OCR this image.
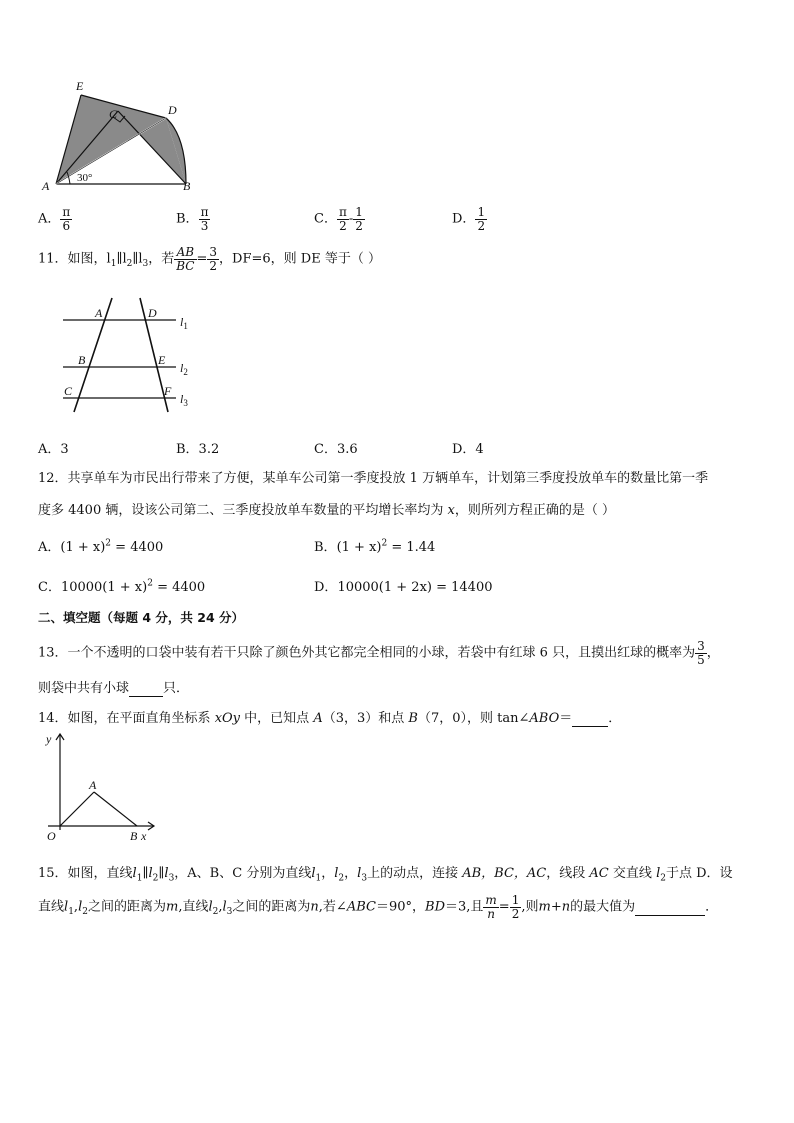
E
C	D
A	B
30°
A． $\frac{\pi}{6}$	B． $\frac{\pi}{3}$	C． $\frac{\pi}{2} - \frac{1}{2}$	D． $\frac{1}{2}$
11．如图，$l_1\parallel l_2\parallel l_3$，若 $\frac{AB}{BC} = \frac{3}{2}$ ，DF=6，则 DE 等于（ ）
A	D
B	E
C	F
$l_1$
$l_2$
$l_3$
A．3	B．3.2	C．3.6	D．4
12．共享单车为市民出行带来了方便，某单车公司第一季度投放 1 万辆单车，计划第三季度投放单车的数量比第一季
度多 4400 辆，设该公司第二、三季度投放单车数量的平均增长率均为 x，则所列方程正确的是（ ）
A．$(1 + x)^2 = 4400$	B．$(1 + x)^2 = 1.44$
C．$10000(1 + x)^2 = 4400$	D．10000(1 + 2x) = 14400
二、填空题（每题 4 分，共 24 分）
13．一个不透明的口袋中装有若干只除了颜色外其它都完全相同的小球，若袋中有红球 6 只，且摸出红球的概率为 $\frac{3}{5}$ ，
则袋中共有小球	只．
14．如图，在平面直角坐标系 xOy 中，已知点 A（3，3）和点 B（7，0），则 tan∠ABO＝	．
y
A
O	B x
15．如图，直线$l_1\parallel l_2\parallel l_3$，A、B、C 分别为直线$l_1$，$l_2$，$l_3$上的动点，连接 AB，BC，AC，线段 AC 交直线 $l_2$于点 D．设
直线$l_1,l_2$之间的距离为m,直线$l_2,l_3$之间的距离为n,若∠ABC＝90°，BD＝3,且 $\frac{m}{n} = \frac{1}{2}$ ,则m+n的最大值为	．
